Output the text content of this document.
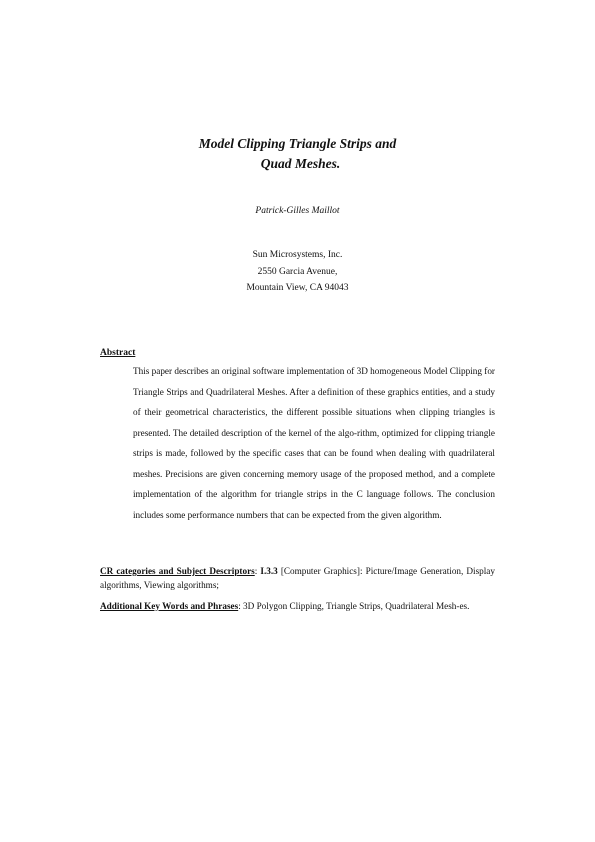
Model Clipping Triangle Strips and
Quad Meshes.
Patrick-Gilles Maillot
Sun Microsystems, Inc.
2550 Garcia Avenue,
Mountain View, CA 94043
Abstract
This paper describes an original software implementation of 3D homogeneous Model Clipping for Triangle Strips and Quadrilateral Meshes. After a definition of these graphics entities, and a study of their geometrical characteristics, the different possible situations when clipping triangles is presented. The detailed description of the kernel of the algo-rithm, optimized for clipping triangle strips is made, followed by the specific cases that can be found when dealing with quadrilateral meshes. Precisions are given concerning memory usage of the proposed method, and a complete implementation of the algorithm for triangle strips in the C language follows. The conclusion includes some performance numbers that can be expected from the given algorithm.
CR categories and Subject Descriptors: I.3.3 [Computer Graphics]: Picture/Image Generation, Display algorithms, Viewing algorithms;
Additional Key Words and Phrases: 3D Polygon Clipping, Triangle Strips, Quadrilateral Mesh-es.
